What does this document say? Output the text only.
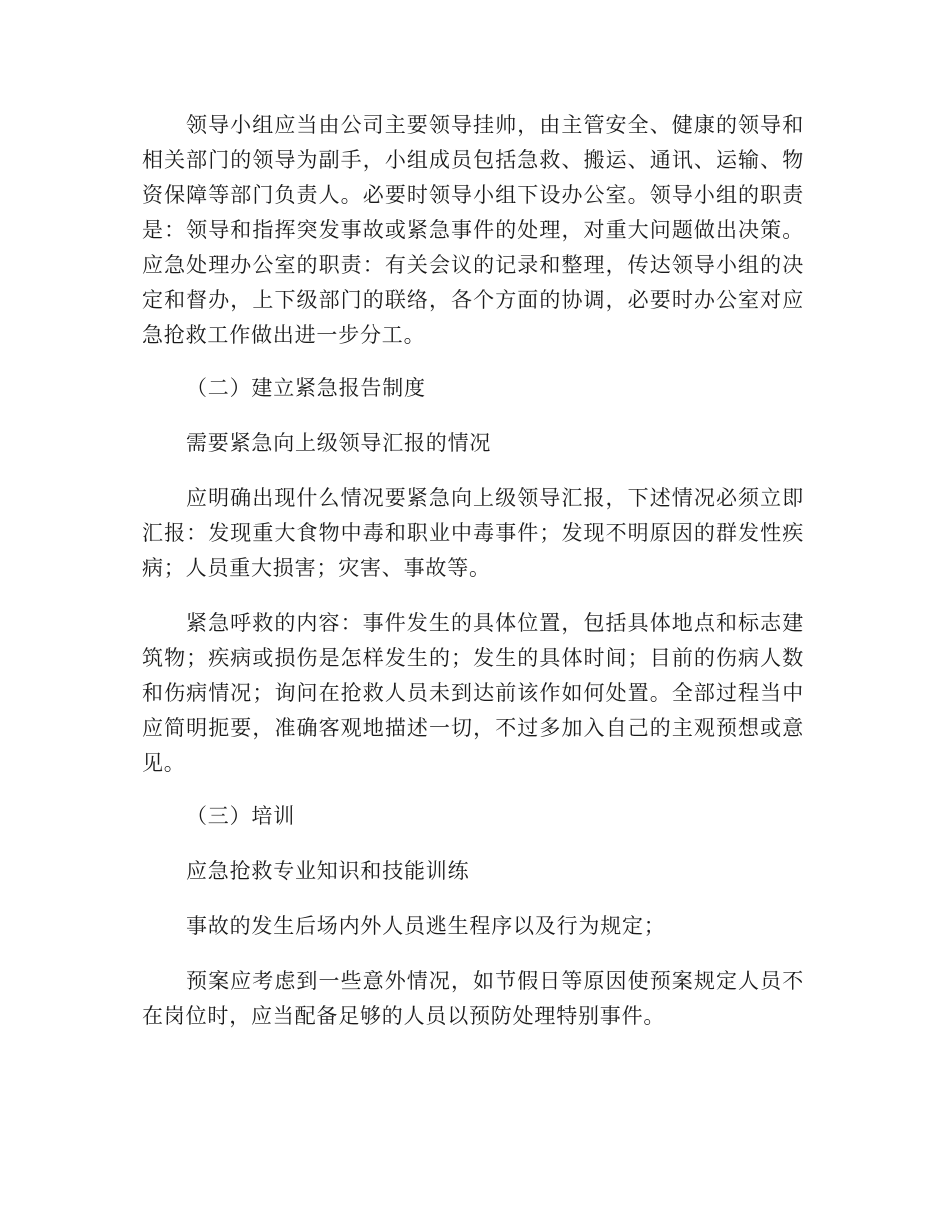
领导小组应当由公司主要领导挂帅，由主管安全、健康的领导和相关部门的领导为副手，小组成员包括急救、搬运、通讯、运输、物资保障等部门负责人。必要时领导小组下设办公室。领导小组的职责是：领导和指挥突发事故或紧急事件的处理，对重大问题做出决策。应急处理办公室的职责：有关会议的记录和整理，传达领导小组的决定和督办，上下级部门的联络，各个方面的协调，必要时办公室对应急抢救工作做出进一步分工。

（二）建立紧急报告制度

需要紧急向上级领导汇报的情况

应明确出现什么情况要紧急向上级领导汇报，下述情况必须立即汇报：发现重大食物中毒和职业中毒事件；发现不明原因的群发性疾病；人员重大损害；灾害、事故等。

紧急呼救的内容：事件发生的具体位置，包括具体地点和标志建筑物；疾病或损伤是怎样发生的；发生的具体时间；目前的伤病人数和伤病情况；询问在抢救人员未到达前该作如何处置。全部过程当中应简明扼要，准确客观地描述一切，不过多加入自己的主观预想或意见。

（三）培训

应急抢救专业知识和技能训练

事故的发生后场内外人员逃生程序以及行为规定；

预案应考虑到一些意外情况，如节假日等原因使预案规定人员不在岗位时，应当配备足够的人员以预防处理特别事件。
